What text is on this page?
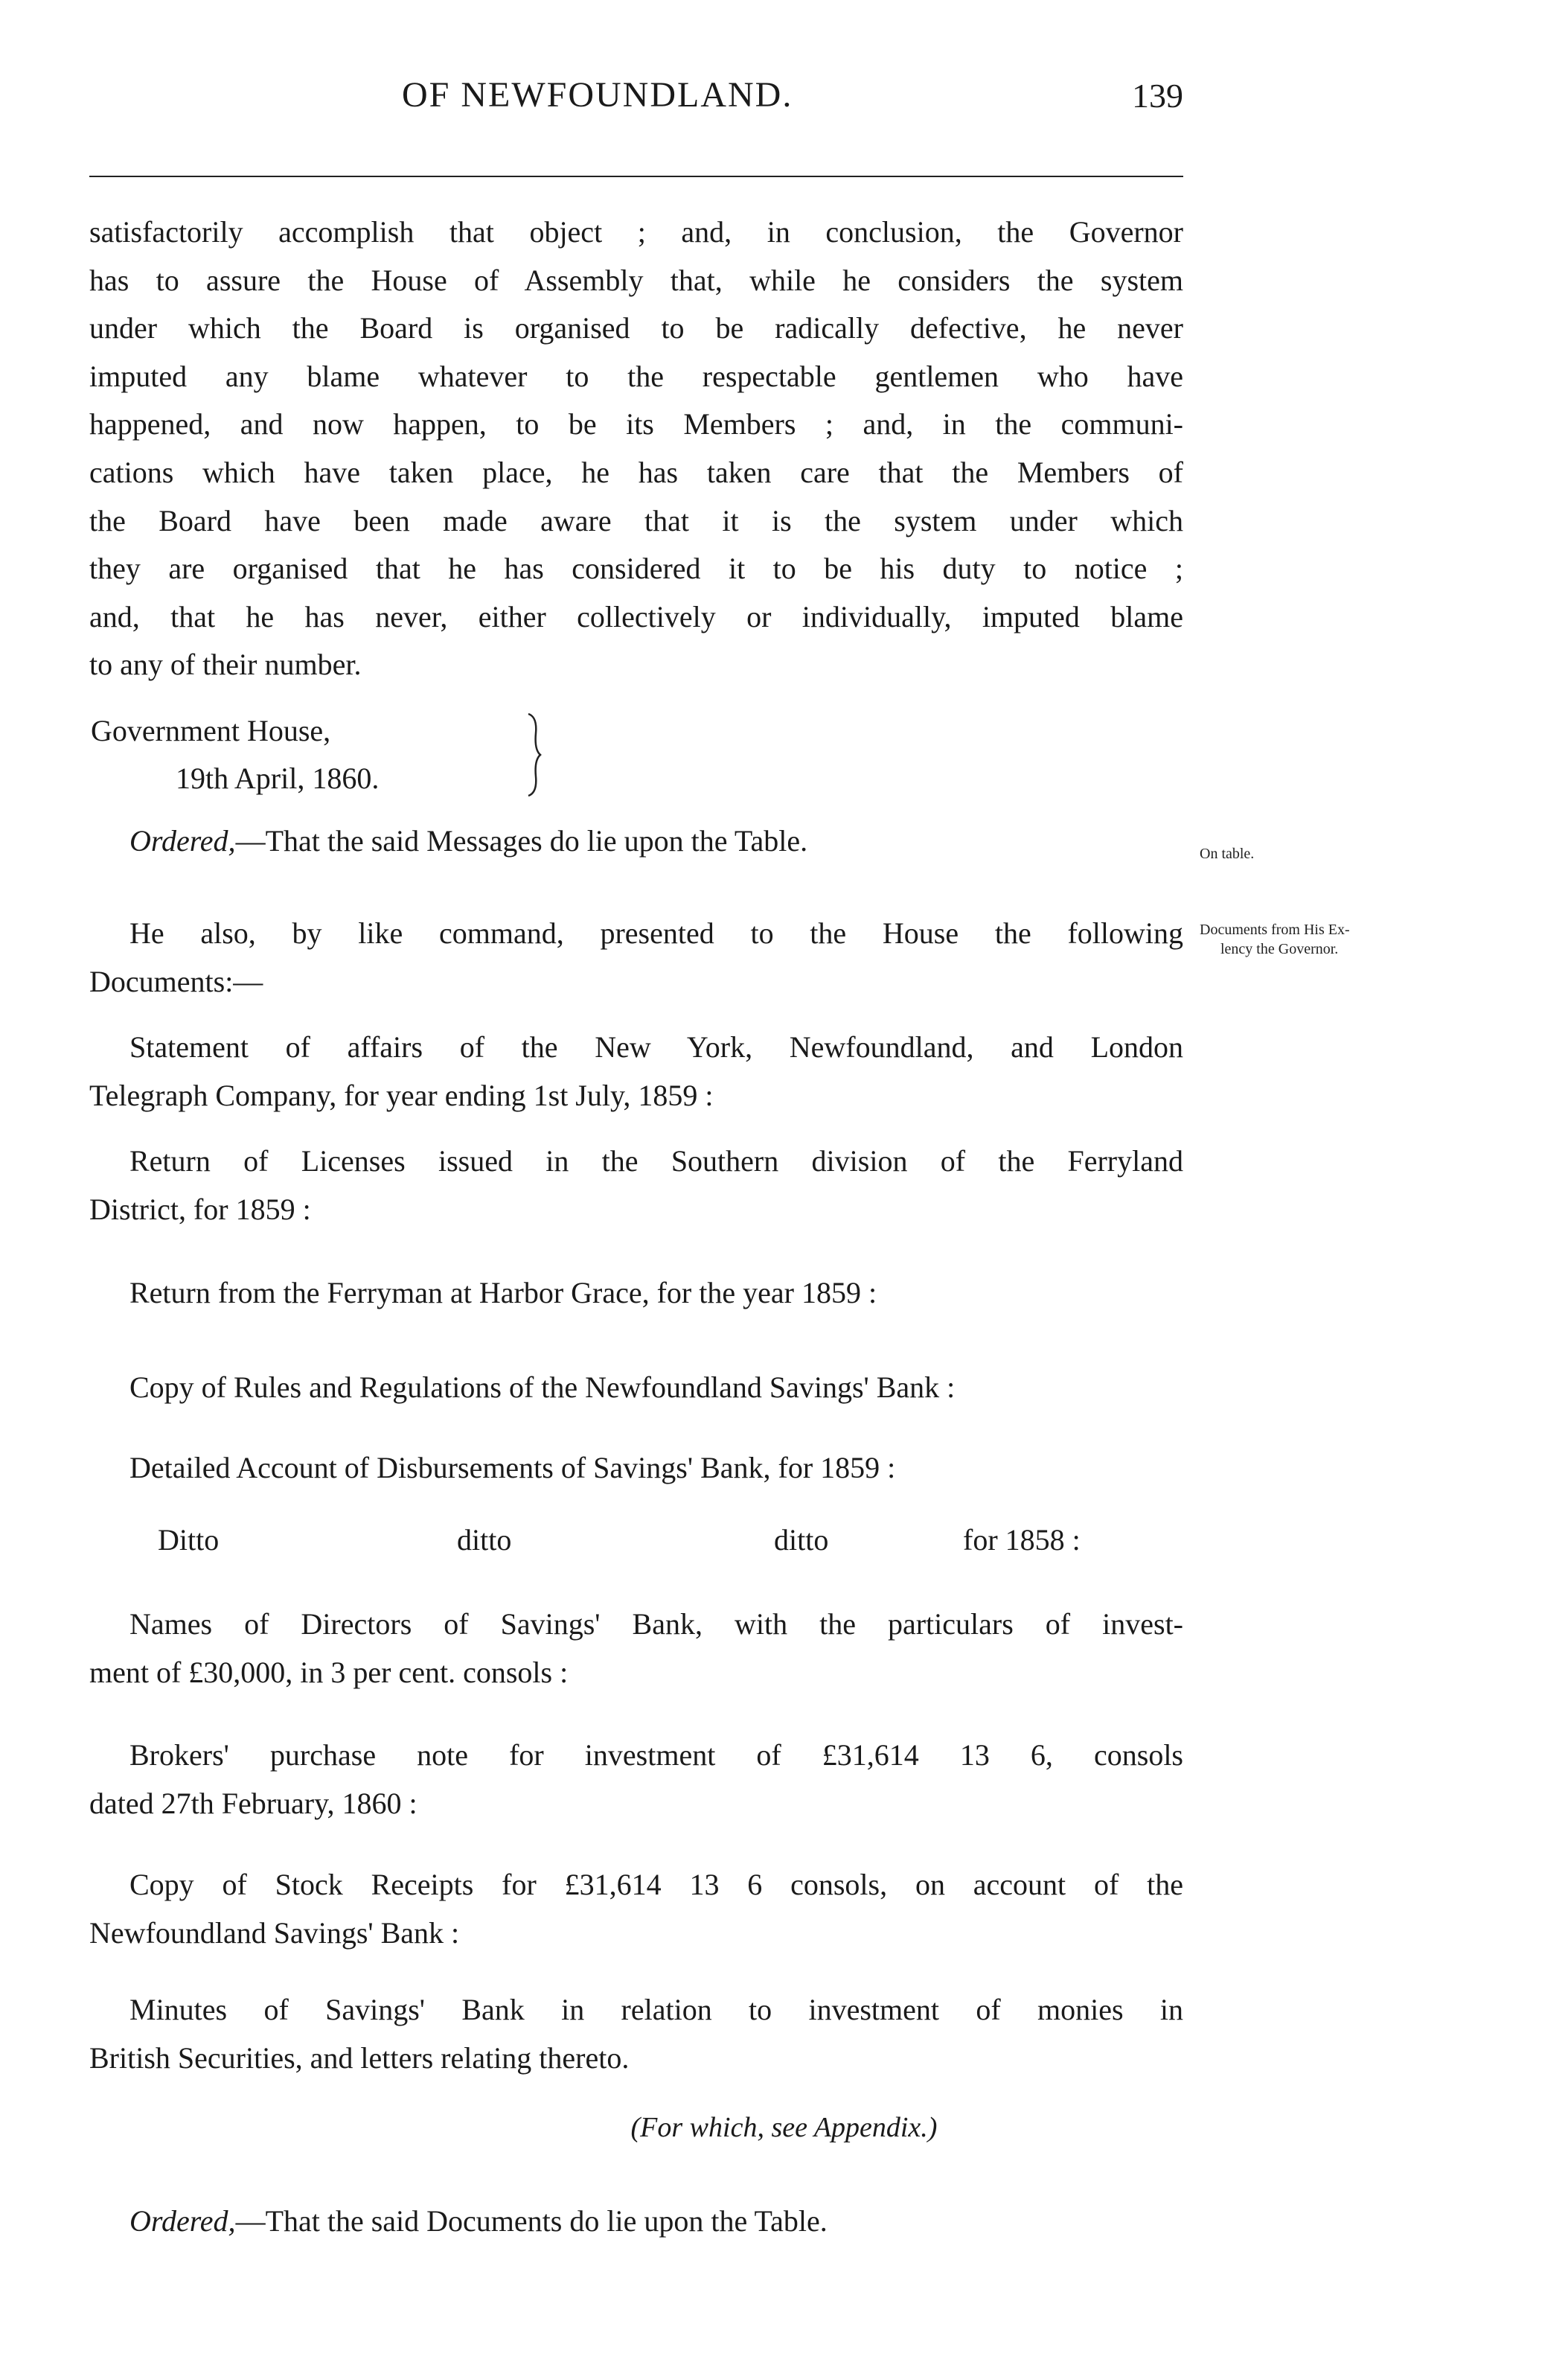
OF NEWFOUNDLAND.	139
satisfactorily accomplish that object ; and, in conclusion, the Governor
has to assure the House of Assembly that, while he considers the system
under which the Board is organised to be radically defective, he never
imputed any blame whatever to the respectable gentlemen who have
happened, and now happen, to be its Members ; and, in the communi-
cations which have taken place, he has taken care that the Members of
the Board have been made aware that it is the system under which
they are organised that he has considered it to be his duty to notice ;
and, that he has never, either collectively or individually, imputed blame
to any of their number.
Government House,
19th April, 1860.
Ordered,—That the said Messages do lie upon the Table.	On table.
He also, by like command, presented to the House the following
Documents:—
Documents from His Ex-
lency the Governor.
Statement of affairs of the New York, Newfoundland, and London
Telegraph Company, for year ending 1st July, 1859 :
Return of Licenses issued in the Southern division of the Ferryland
District, for 1859 :
Return from the Ferryman at Harbor Grace, for the year 1859 :
Copy of Rules and Regulations of the Newfoundland Savings' Bank :
Detailed Account of Disbursements of Savings' Bank, for 1859 :
Ditto	ditto	ditto	for 1858 :
Names of Directors of Savings' Bank, with the particulars of invest-
ment of £30,000, in 3 per cent. consols :
Brokers' purchase note for investment of £31,614 13 6, consols
dated 27th February, 1860 :
Copy of Stock Receipts for £31,614 13 6 consols, on account of the
Newfoundland Savings' Bank :
Minutes of Savings' Bank in relation to investment of monies in
British Securities, and letters relating thereto.
(For which, see Appendix.)
Ordered,—That the said Documents do lie upon the Table.
